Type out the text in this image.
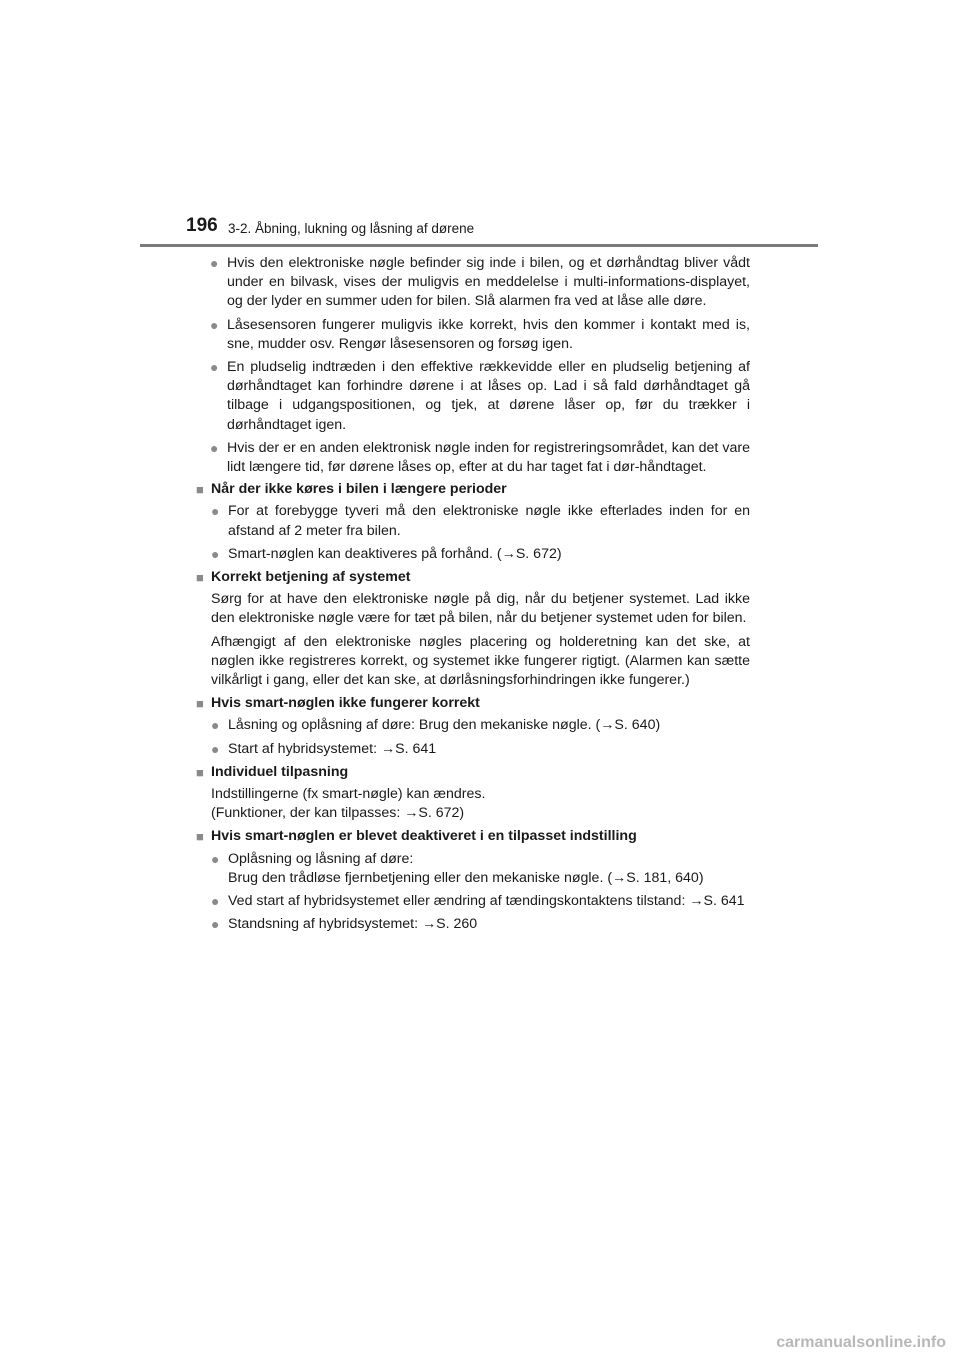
196 3-2. Åbning, lukning og låsning af dørene
● Hvis den elektroniske nøgle befinder sig inde i bilen, og et dørhåndtag bliver vådt under en bilvask, vises der muligvis en meddelelse i multi-informations-displayet, og der lyder en summer uden for bilen. Slå alarmen fra ved at låse alle døre.
● Låsesensoren fungerer muligvis ikke korrekt, hvis den kommer i kontakt med is, sne, mudder osv. Rengør låsesensoren og forsøg igen.
● En pludselig indtræden i den effektive rækkevidde eller en pludselig betjening af dørhåndtaget kan forhindre dørene i at låses op. Lad i så fald dørhåndtaget gå tilbage i udgangspositionen, og tjek, at dørene låser op, før du trækker i dørhåndtaget igen.
● Hvis der er en anden elektronisk nøgle inden for registreringsområdet, kan det vare lidt længere tid, før dørene låses op, efter at du har taget fat i dør-håndtaget.
■ Når der ikke køres i bilen i længere perioder
● For at forebygge tyveri må den elektroniske nøgle ikke efterlades inden for en afstand af 2 meter fra bilen.
● Smart-nøglen kan deaktiveres på forhånd. (→S. 672)
■ Korrekt betjening af systemet
Sørg for at have den elektroniske nøgle på dig, når du betjener systemet. Lad ikke den elektroniske nøgle være for tæt på bilen, når du betjener systemet uden for bilen.
Afhængigt af den elektroniske nøgles placering og holderetning kan det ske, at nøglen ikke registreres korrekt, og systemet ikke fungerer rigtigt. (Alarmen kan sætte vilkårligt i gang, eller det kan ske, at dørlåsningsforhindringen ikke fungerer.)
■ Hvis smart-nøglen ikke fungerer korrekt
● Låsning og oplåsning af døre: Brug den mekaniske nøgle. (→S. 640)
● Start af hybridsystemet: →S. 641
■ Individuel tilpasning
Indstillingerne (fx smart-nøgle) kan ændres.
(Funktioner, der kan tilpasses: →S. 672)
■ Hvis smart-nøglen er blevet deaktiveret i en tilpasset indstilling
● Oplåsning og låsning af døre:
Brug den trådløse fjernbetjening eller den mekaniske nøgle. (→S. 181, 640)
● Ved start af hybridsystemet eller ændring af tændingskontaktens tilstand: →S. 641
● Standsning af hybridsystemet: →S. 260
carmanualsonline.info
